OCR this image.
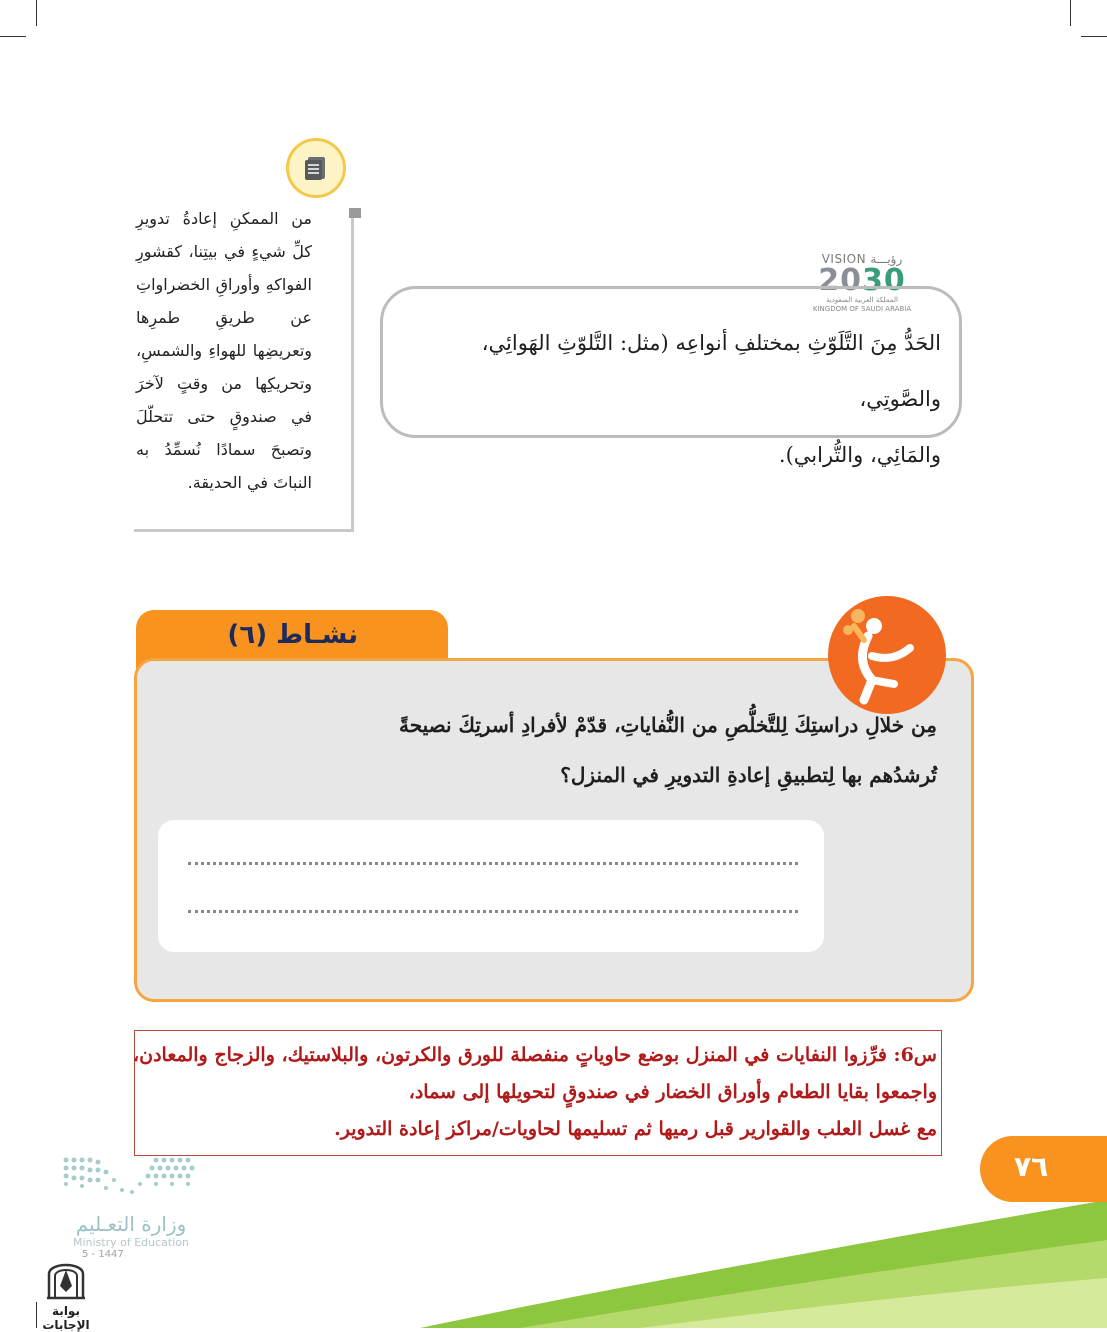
VISION رؤيـــة
2030
المملكة العربية السعودية
KINGDOM OF SAUDI ARABIA

الحَدُّ مِنَ التَّلَوّثِ بمختلفِ أنواعِه (مثل: التَّلوّثِ الهَوائِي، والصَّوتِي،

والمَائِي، والتُّرابي).

من الممكنِ إعادةُ تدويرِ كلِّ شيءٍ في بيتِنا، كقشورِ الفواكهِ وأوراقِ الخضراواتِ عن طريقِ طمرِها وتعريضِها للهواءِ والشمسِ، وتحريكِها من وقتٍ لآخرَ في صندوقٍ حتى تتحلّلَ وتصبحَ سمادًا نُسمِّدُ به النباتَ في الحديقة.
نشـاط (٦)
مِن خلالِ دراستِكَ لِلتَّخلُّصِ من النُّفاياتِ، قدّمْ لأفرادِ أسرتِكَ نصيحةً
تُرشدُهم بها لِتطبيقِ إعادةِ التدويرِ في المنزل؟
س6: فرِّزوا النفايات في المنزل بوضع حاوياتٍ منفصلة للورق والكرتون، والبلاستيك، والزجاج والمعادن،
واجمعوا بقايا الطعام وأوراق الخضار في صندوقٍ لتحويلها إلى سماد،
مع غسل العلب والقوارير قبل رميها ثم تسليمها لحاويات/مراكز إعادة التدوير.
٧٦
وزارة التعـليم
Ministry of Education
5 - 1447
بوابة الإجابات
